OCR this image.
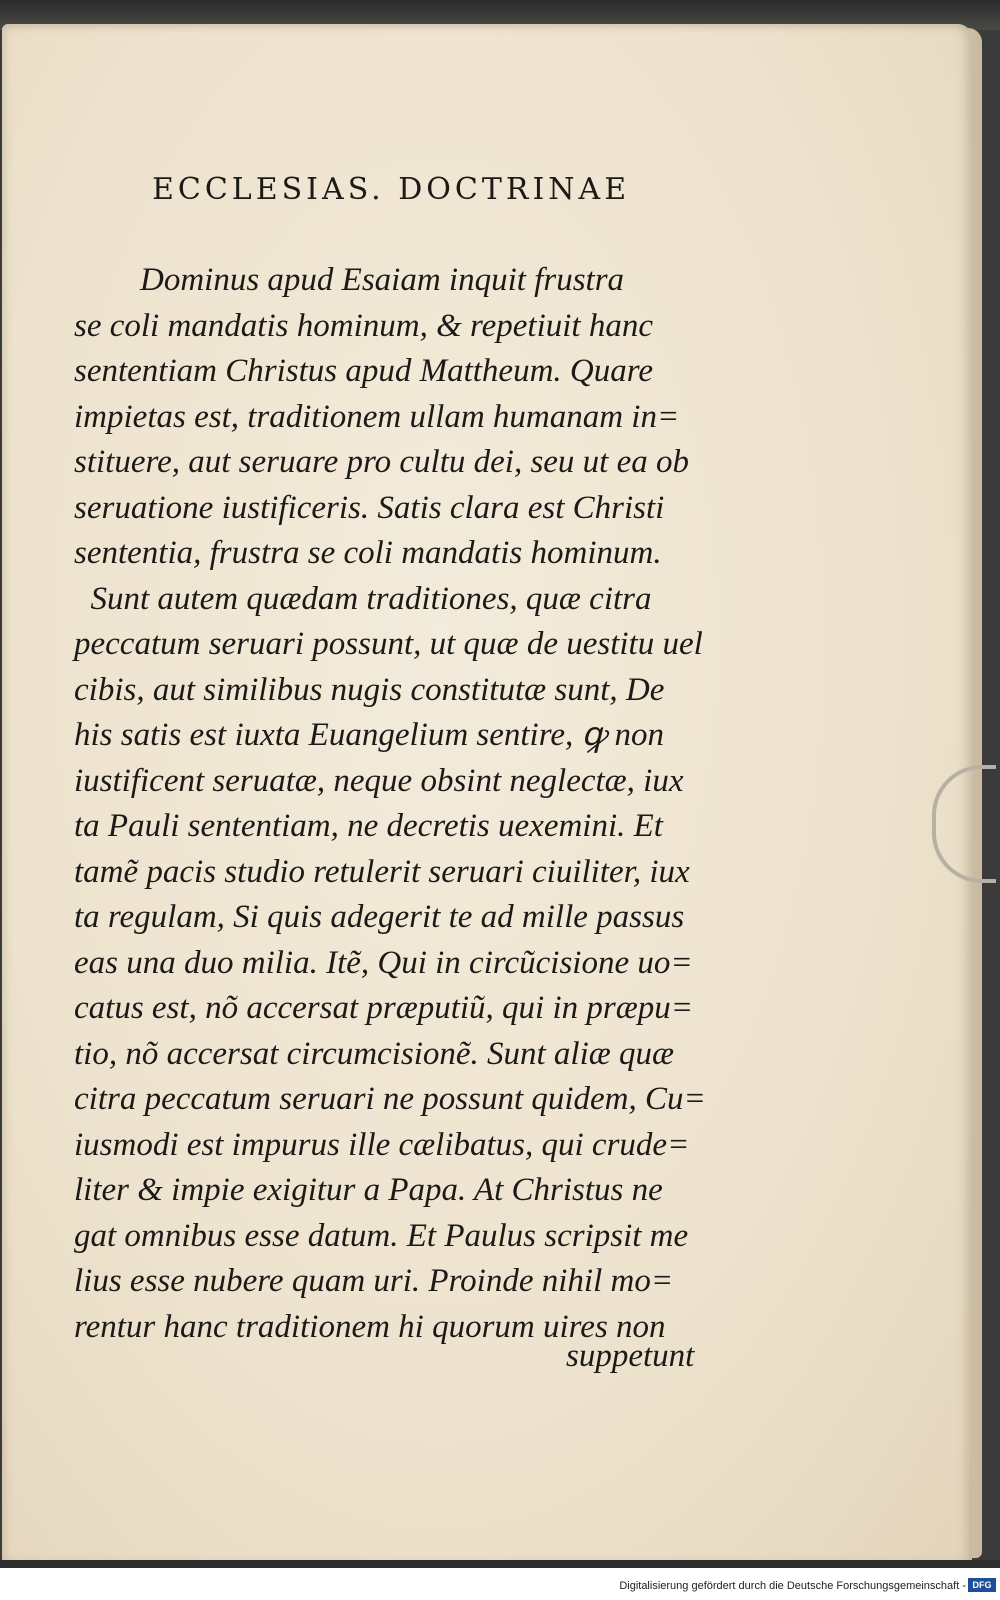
ECCLESIAS. DOCTRINAE
Dominus apud Esaiam inquit frustra
se coli mandatis hominum, & repetiuit hanc
sententiam Christus apud Mattheum. Quare
impietas est, traditionem ullam humanam in=
stituere, aut seruare pro cultu dei, seu ut ea ob
seruatione iustificeris. Satis clara est Christi
sententia, frustra se coli mandatis hominum.
Sunt autem quædam traditiones, quæ citra
peccatum seruari possunt, ut quæ de uestitu uel
cibis, aut similibus nugis constitutæ sunt, De
his satis est iuxta Euangelium sentire, ꝙ non
iustificent seruatæ, neque obsint neglectæ, iux
ta Pauli sententiam, ne decretis uexemini. Et
tamẽ pacis studio retulerit seruari ciuiliter, iux
ta regulam, Si quis adegerit te ad mille passus
eas una duo milia. Itẽ, Qui in circũcisione uo=
catus est, nõ accersat præputiũ, qui in præpu=
tio, nõ accersat circumcisionẽ. Sunt aliæ quæ
citra peccatum seruari ne possunt quidem, Cu=
iusmodi est impurus ille cælibatus, qui crude=
liter & impie exigitur a Papa. At Christus ne
gat omnibus esse datum. Et Paulus scripsit me
lius esse nubere quam uri. Proinde nihil mo=
rentur hanc traditionem hi quorum uires non
suppetunt
Digitalisierung gefördert durch die Deutsche Forschungsgemeinschaft - DFG
